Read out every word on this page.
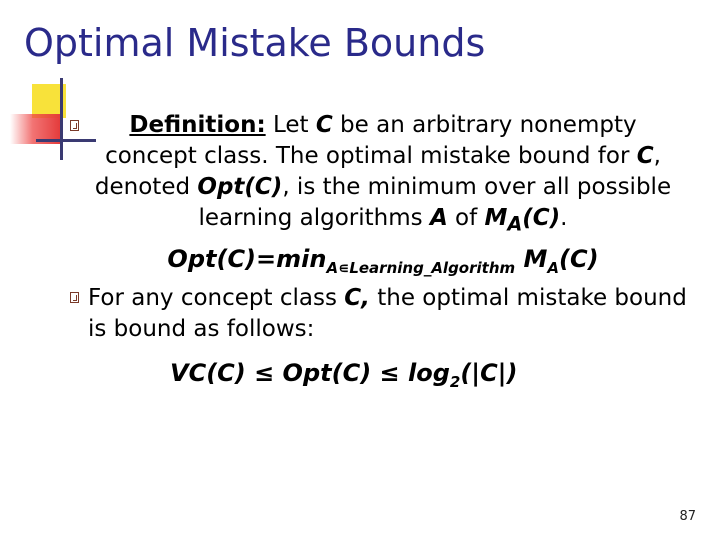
Optimal Mistake Bounds
Definition: Let C be an arbitrary nonempty concept class. The optimal mistake bound for C, denoted Opt(C), is the minimum over all possible learning algorithms A of $M_A(C)$.
$Opt(C)=\min_{A∊Learning\_Algorithm}$ $M_A(C)$
For any concept class C, the optimal mistake bound is bound as follows:
$VC(C) \le Opt(C) \le \log_2(|C|)$
87
